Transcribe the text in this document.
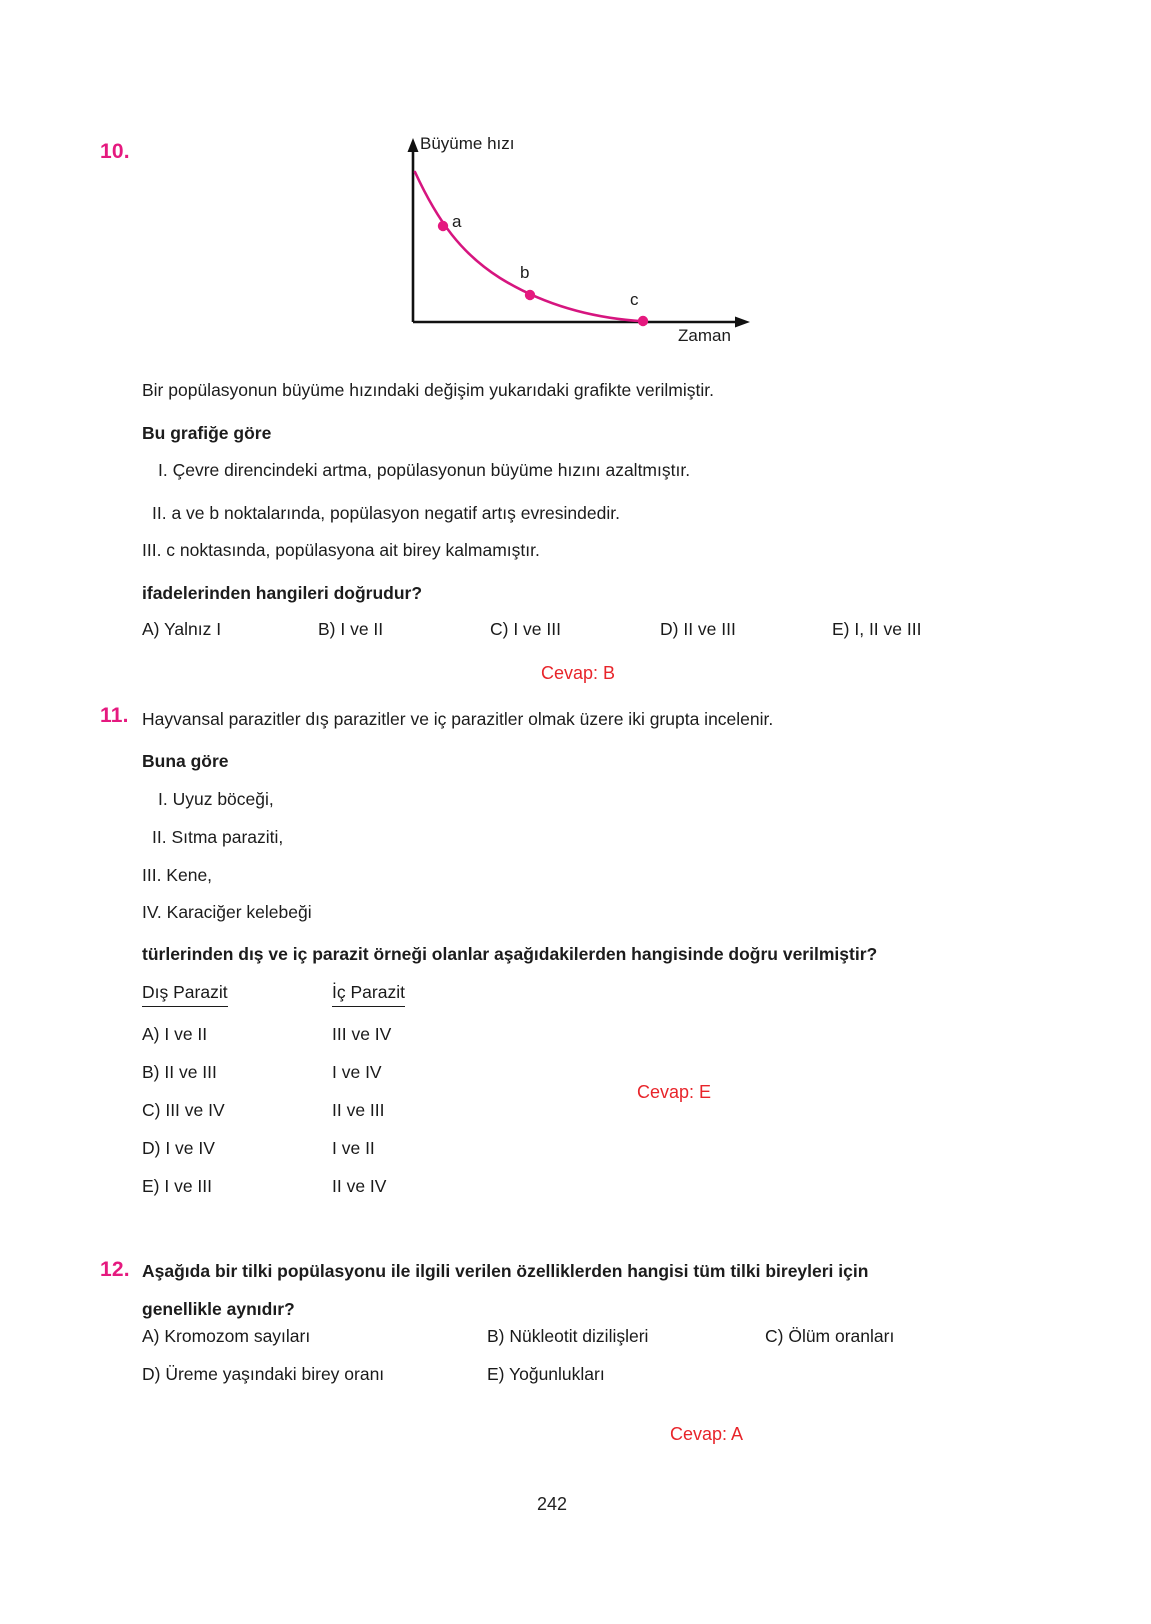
10.	Büyüme hızı
Zaman
a
b
c
Bir popülasyonun büyüme hızındaki değişim yukarıdaki grafikte verilmiştir.
Bu grafiğe göre
I. Çevre direncindeki artma, popülasyonun büyüme hızını azaltmıştır.
II. a ve b noktalarında, popülasyon negatif artış evresindedir.
III. c noktasında, popülasyona ait birey kalmamıştır.
ifadelerinden hangileri doğrudur?
A) Yalnız I	B) I ve II	C) I ve III	D) II ve III	E) I, II ve III
Cevap: B
11. Hayvansal parazitler dış parazitler ve iç parazitler olmak üzere iki grupta incelenir.
Buna göre
I. Uyuz böceği,
II. Sıtma paraziti,
III. Kene,
IV. Karaciğer kelebeği
türlerinden dış ve iç parazit örneği olanlar aşağıdakilerden hangisinde doğru verilmiştir?
Dış Parazit	İç Parazit
A) I ve II	III ve IV
B) II ve III	I ve IV
C) III ve IV	II ve III
D) I ve IV	I ve II
E) I ve III	II ve IV
Cevap: E
12. Aşağıda bir tilki popülasyonu ile ilgili verilen özelliklerden hangisi tüm tilki bireyleri için
genellikle aynıdır?
A) Kromozom sayıları	B) Nükleotit dizilişleri	C) Ölüm oranları
D) Üreme yaşındaki birey oranı	E) Yoğunlukları
Cevap: A
242
